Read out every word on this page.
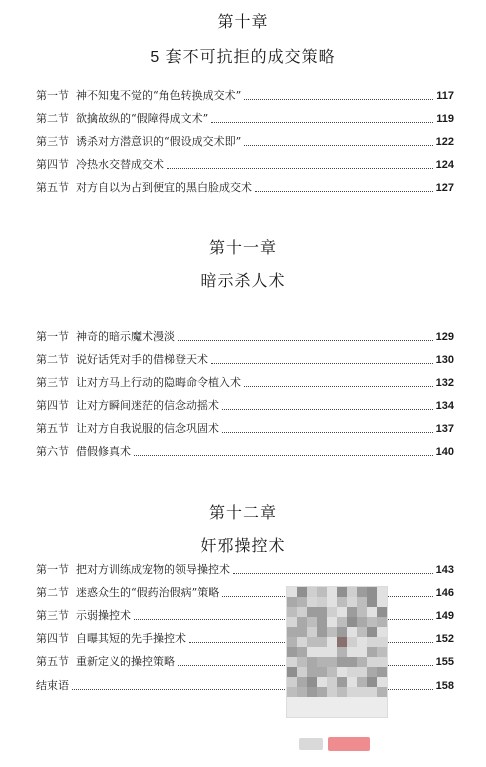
第十章
5 套不可抗拒的成交策略
第一节 神不知鬼不觉的“角色转换成交术”	117
第二节 欲擒故纵的“假障得成文术”	119
第三节 诱杀对方潜意识的“假设成交术即”	122
第四节 冷热水交替成交术	124
第五节 对方自以为占到便宜的黑白脸成交术	127
第十一章
暗示杀人术
第一节 神奇的暗示魔术漫淡	129
第二节 说好话凭对手的借梯登天术	130
第三节 让对方马上行动的隐晦命令植入术	132
第四节 让对方瞬间迷茫的信念动摇术	134
第五节 让对方自我说服的信念巩固术	137
第六节 借假修真术	140
第十二章
奸邪操控术
第一节 把对方训练成宠物的领导操控术	143
第二节 迷惑众生的“假药治假病”策略	146
第三节 示弱操控术	149
第四节 自曝其短的先手操控术	152
第五节 重新定义的操控策略	155
结束语	158
